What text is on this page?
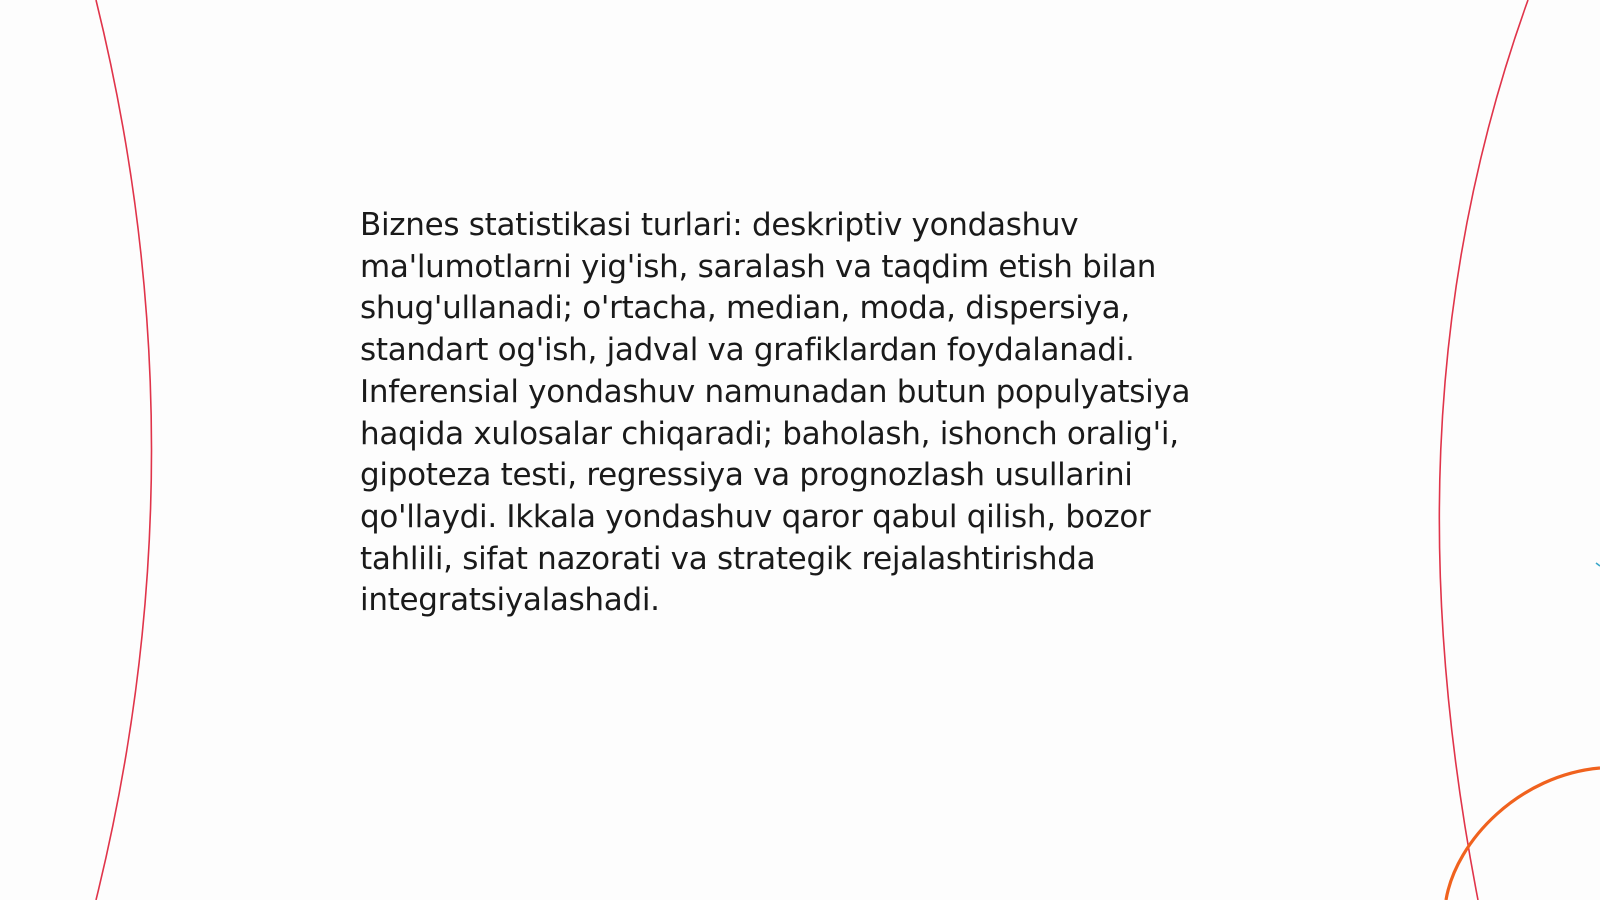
Biznes statistikasi turlari: deskriptiv yondashuv ma'lumotlarni yig'ish, saralash va taqdim etish bilan shug'ullanadi; o'rtacha, median, moda, dispersiya, standart og'ish, jadval va grafiklardan foydalanadi. Inferensial yondashuv namunadan butun populyatsiya haqida xulosalar chiqaradi; baholash, ishonch oralig'i, gipoteza testi, regressiya va prognozlash usullarini qo'llaydi. Ikkala yondashuv qaror qabul qilish, bozor tahlili, sifat nazorati va strategik rejalashtirishda integratsiyalashadi.
